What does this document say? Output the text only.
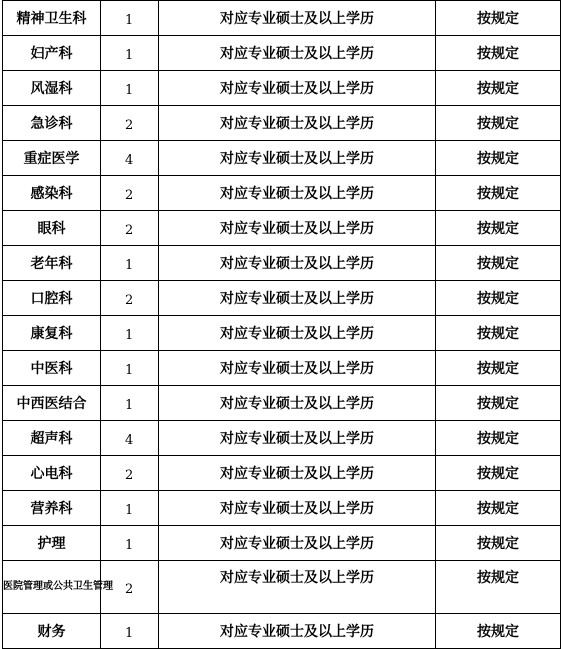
精神卫生科	1	对应专业硕士及以上学历	按规定
妇产科	1	对应专业硕士及以上学历	按规定
风湿科	1	对应专业硕士及以上学历	按规定
急诊科	2	对应专业硕士及以上学历	按规定
重症医学	4	对应专业硕士及以上学历	按规定
感染科	2	对应专业硕士及以上学历	按规定
眼科	2	对应专业硕士及以上学历	按规定
老年科	1	对应专业硕士及以上学历	按规定
口腔科	2	对应专业硕士及以上学历	按规定
康复科	1	对应专业硕士及以上学历	按规定
中医科	1	对应专业硕士及以上学历	按规定
中西医结合	1	对应专业硕士及以上学历	按规定
超声科	4	对应专业硕士及以上学历	按规定
心电科	2	对应专业硕士及以上学历	按规定
营养科	1	对应专业硕士及以上学历	按规定
护理	1	对应专业硕士及以上学历	按规定
医院管理或公共卫生管理	2	对应专业硕士及以上学历	按规定
财务	1	对应专业硕士及以上学历	按规定
